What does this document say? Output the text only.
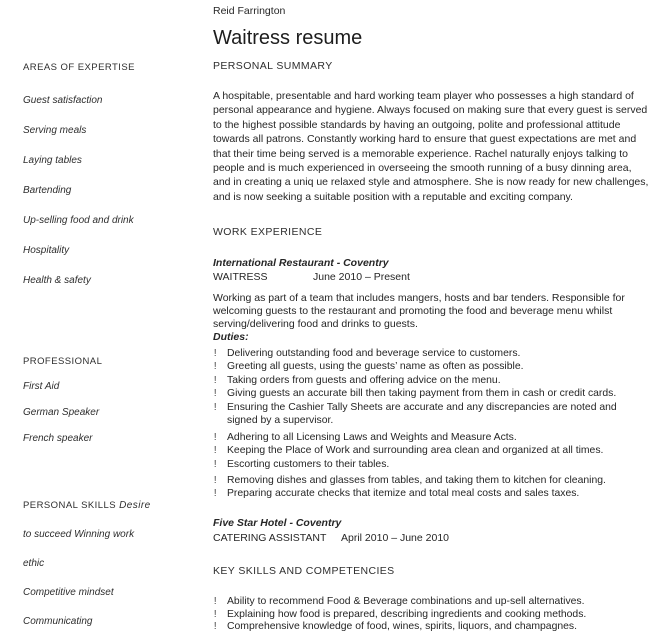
AREAS OF EXPERTISE
Guest satisfaction
Serving meals
Laying tables
Bartending
Up-selling food and drink
Hospitality
Health & safety
PROFESSIONAL
First Aid
German Speaker
French speaker
PERSONAL SKILLS Desire
to succeed Winning work
ethic
Competitive mindset
Communicating
Reid Farrington
Waitress resume
PERSONAL SUMMARY
A hospitable, presentable and hard working team player who possesses a high standard of personal appearance and hygiene. Always focused on making sure that every guest is served to the highest possible standards by having an outgoing, polite and professional attitude towards all patrons. Constantly working hard to ensure that guest expectations are met and that their time being served is a memorable experience. Rachel naturally enjoys talking to people and is much experienced in overseeing the smooth running of a busy dinning area, and in creating a uniq ue relaxed style and atmosphere. She is now ready for new challenges, and is now seeking a suitable position with a reputable and exciting company.
WORK EXPERIENCE
International Restaurant - Coventry
WAITRESS	June 2010 – Present
Working as part of a team that includes mangers, hosts and bar tenders. Responsible for welcoming guests to the restaurant and promoting the food and beverage menu whilst serving/delivering food and drinks to guests.
Duties:
! Delivering outstanding food and beverage service to customers.
! Greeting all guests, using the guests’ name as often as possible.
! Taking orders from guests and offering advice on the menu.
! Giving guests an accurate bill then taking payment from them in cash or credit cards.
! Ensuring the Cashier Tally Sheets are accurate and any discrepancies are noted and signed by a supervisor.
! Adhering to all Licensing Laws and Weights and Measure Acts.
! Keeping the Place of Work and surrounding area clean and organized at all times.
! Escorting customers to their tables.
! Removing dishes and glasses from tables, and taking them to kitchen for cleaning.
! Preparing accurate checks that itemize and total meal costs and sales taxes.
Five Star Hotel - Coventry
CATERING ASSISTANT	April 2010 – June 2010
KEY SKILLS AND COMPETENCIES
! Ability to recommend Food & Beverage combinations and up-sell alternatives.
! Explaining how food is prepared, describing ingredients and cooking methods.
! Comprehensive knowledge of food, wines, spirits, liquors, and champagnes.
